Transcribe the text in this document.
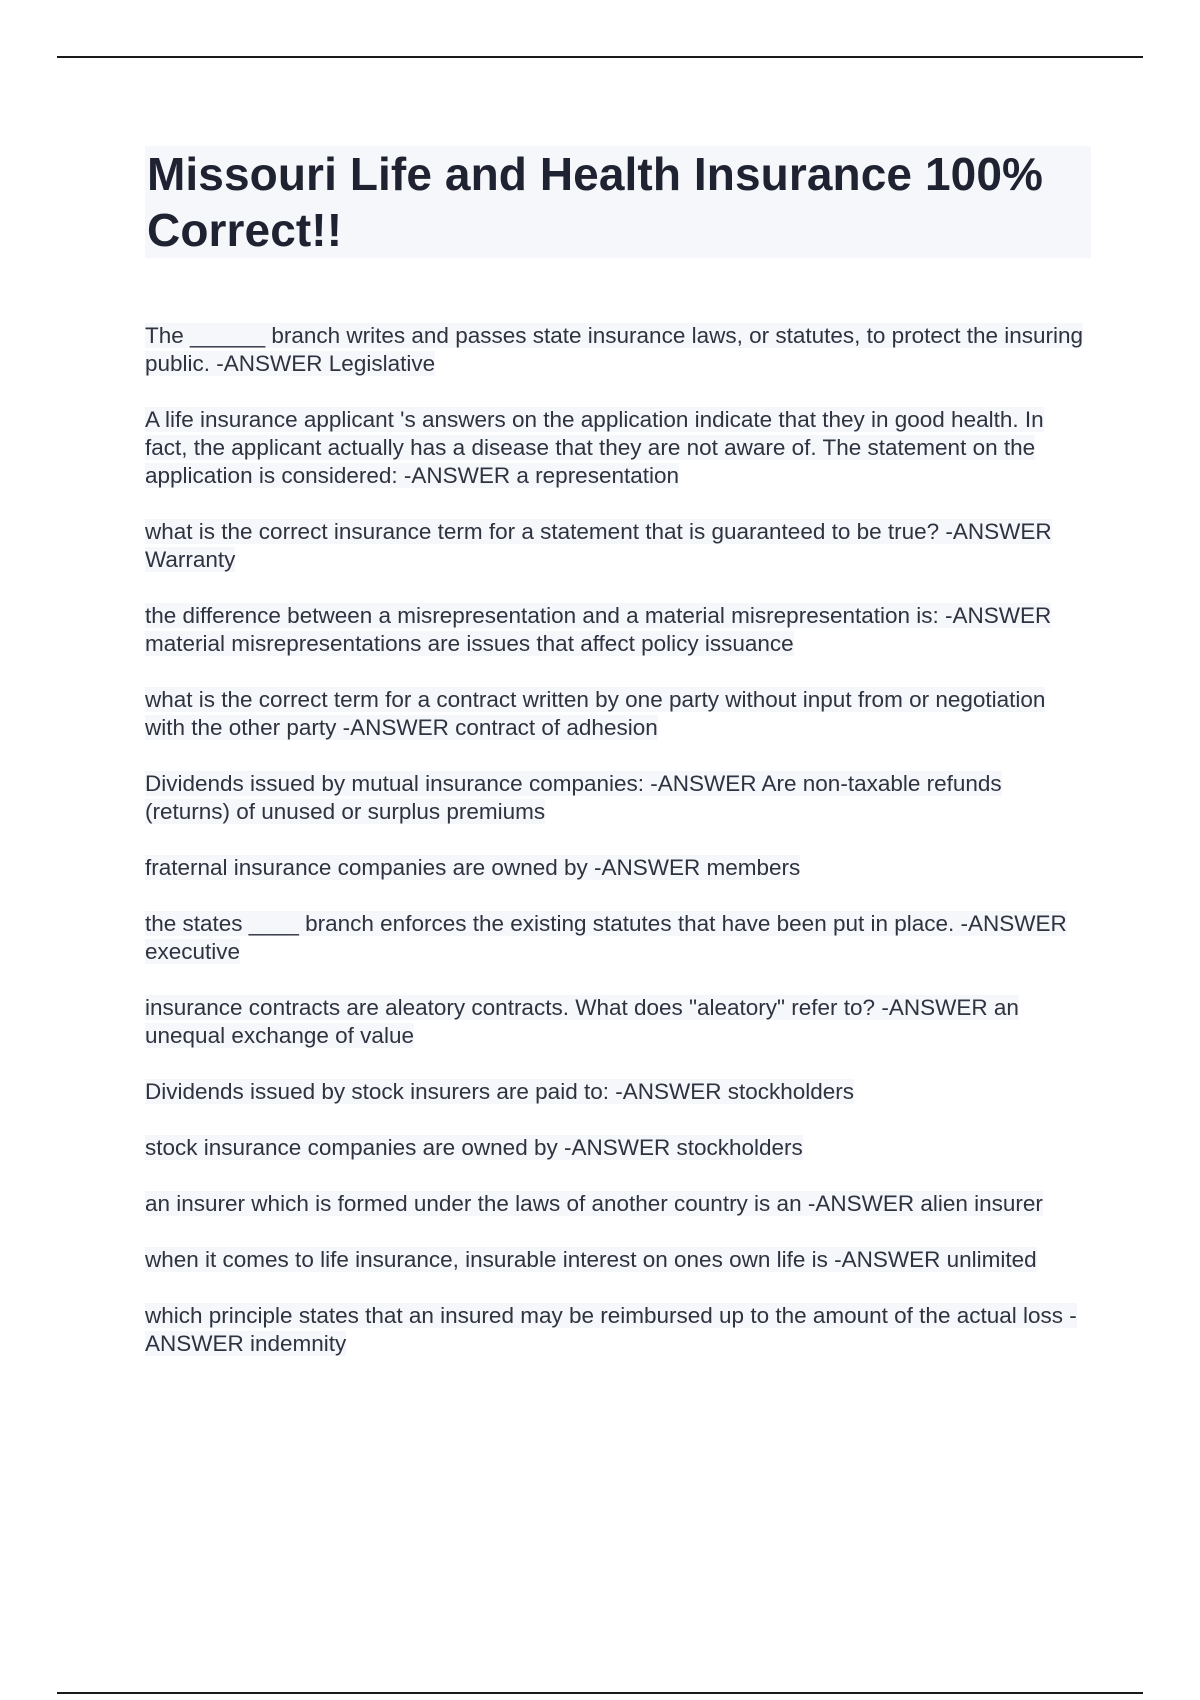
Missouri Life and Health Insurance 100% Correct!!

The ______ branch writes and passes state insurance laws, or statutes, to protect the insuring public. -ANSWER Legislative

A life insurance applicant 's answers on the application indicate that they in good health. In fact, the applicant actually has a disease that they are not aware of. The statement on the application is considered: -ANSWER a representation

what is the correct insurance term for a statement that is guaranteed to be true? -ANSWER Warranty

the difference between a misrepresentation and a material misrepresentation is: -ANSWER material misrepresentations are issues that affect policy issuance

what is the correct term for a contract written by one party without input from or negotiation with the other party -ANSWER contract of adhesion

Dividends issued by mutual insurance companies: -ANSWER Are non-taxable refunds (returns) of unused or surplus premiums

fraternal insurance companies are owned by -ANSWER members

the states ____ branch enforces the existing statutes that have been put in place. -ANSWER executive

insurance contracts are aleatory contracts. What does "aleatory" refer to? -ANSWER an unequal exchange of value

Dividends issued by stock insurers are paid to: -ANSWER stockholders

stock insurance companies are owned by -ANSWER stockholders

an insurer which is formed under the laws of another country is an -ANSWER alien insurer

when it comes to life insurance, insurable interest on ones own life is -ANSWER unlimited

which principle states that an insured may be reimbursed up to the amount of the actual loss -ANSWER indemnity
